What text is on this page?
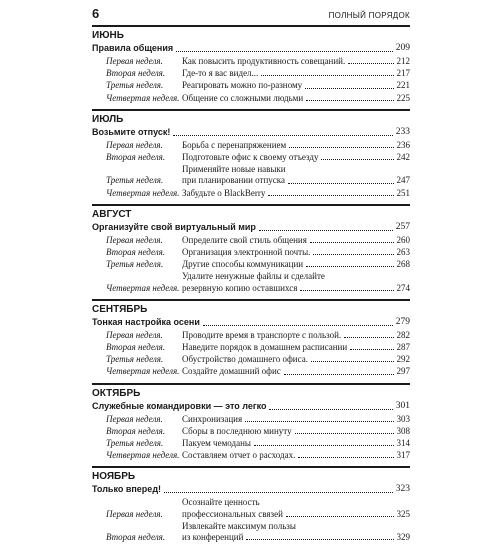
6	ПОЛНЫЙ ПОРЯДОК
ИЮНЬ
Правила общения	209
Первая неделя.	Как повысить продуктивность совещаний.	212
Вторая неделя.	Где-то я вас видел...	217
Третья неделя.	Реагировать можно по-разному	221
Четвертая неделя. Общение со сложными людьми	225
ИЮЛЬ
Возьмите отпуск!	233
Первая неделя.	Борьба с перенапряжением	236
Вторая неделя.	Подготовьте офис к своему отъезду	242
Третья неделя.
Применяйте новые навыки
при планировании отпуска	247
Четвертая неделя. Забудьте о BlackBerry	251
АВГУСТ
Организуйте свой виртуальный мир	257
Первая неделя.	Определите свой стиль общения	260
Вторая неделя.	Организация электронной почты.	263
Третья неделя.	Другие способы коммуникации	268
Четвертая неделя.
Удалите ненужные файлы и сделайте
резервную копию оставшихся	274
СЕНТЯБРЬ
Тонкая настройка осени	279
Первая неделя.	Проводите время в транспорте с пользой.	282
Вторая неделя.	Наведите порядок в домашнем расписании	287
Третья неделя.	Обустройство домашнего офиса.	292
Четвертая неделя. Создайте домашний офис	297
ОКТЯБРЬ
Служебные командировки — это легко	301
Первая неделя.	Синхронизация	303
Вторая неделя.	Сборы в последнюю минуту	308
Третья неделя.	Пакуем чемоданы	314
Четвертая неделя. Составляем отчет о расходах.	317
НОЯБРЬ
Только вперед!	323
Первая неделя.
Осознайте ценность
профессиональных связей	325
Вторая неделя.
Извлекайте максимум пользы
из конференций	329
